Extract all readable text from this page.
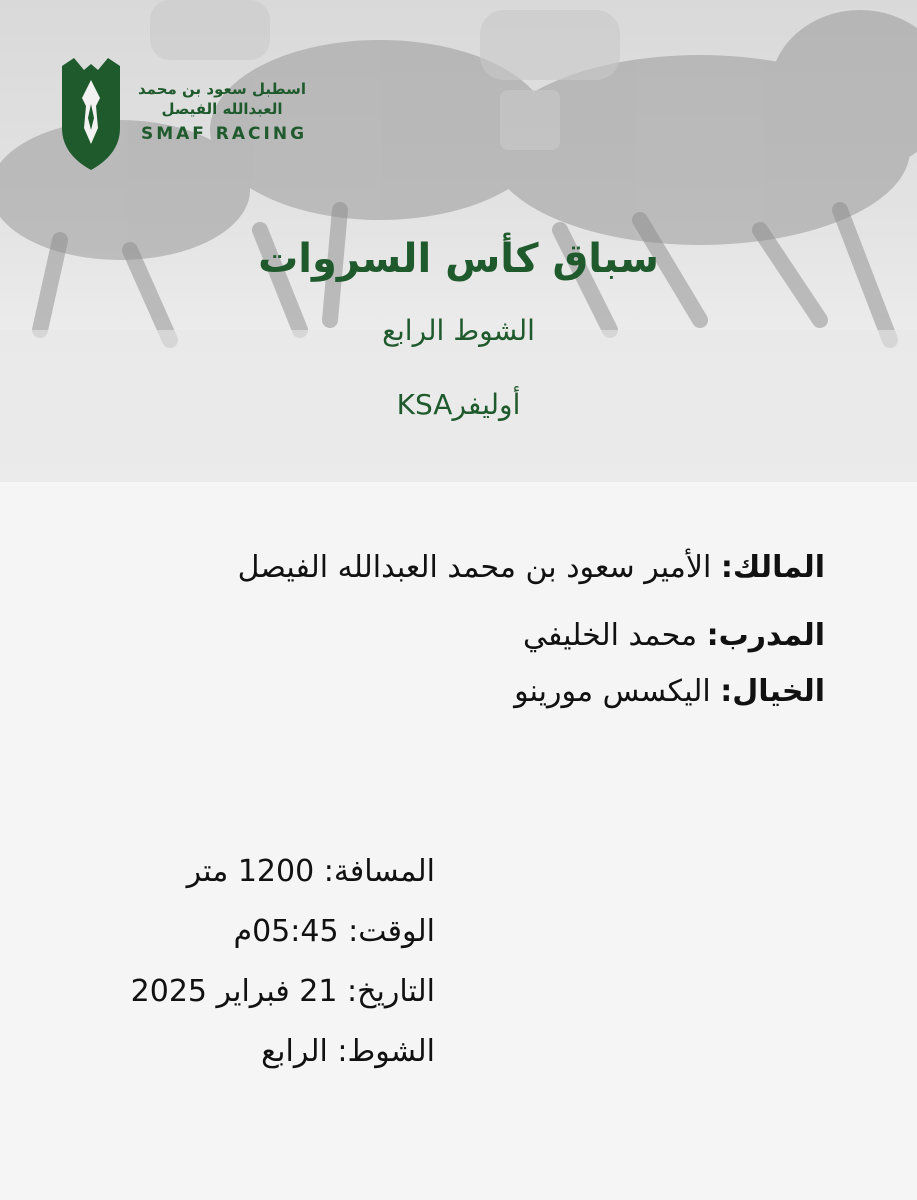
اسطبل سعود بن محمد
العبدالله الفيصل
SMAF RACING
سباق كأس السروات
الشوط الرابع
أوليفرKSA
المالك: الأمير سعود بن محمد العبدالله الفيصل
المدرب: محمد الخليفي
الخيال: اليكسس مورينو
المسافة: 1200 متر
الوقت: 05:45م
التاريخ: 21 فبراير 2025
الشوط: الرابع
